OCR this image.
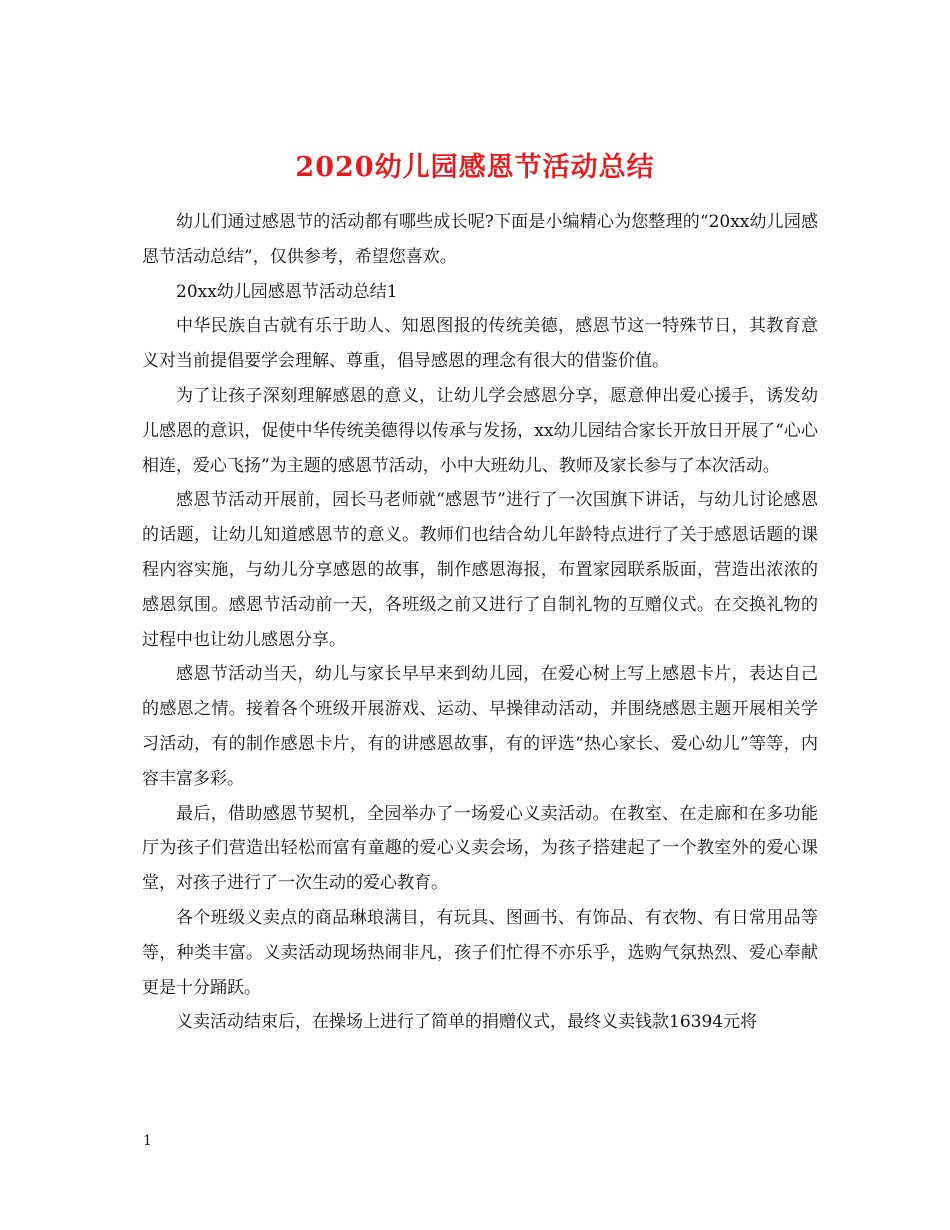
2020幼儿园感恩节活动总结

幼儿们通过感恩节的活动都有哪些成长呢?下面是小编精心为您整理的“20xx幼儿园感恩节活动总结”，仅供参考，希望您喜欢。

20xx幼儿园感恩节活动总结1

中华民族自古就有乐于助人、知恩图报的传统美德，感恩节这一特殊节日，其教育意义对当前提倡要学会理解、尊重，倡导感恩的理念有很大的借鉴价值。

为了让孩子深刻理解感恩的意义，让幼儿学会感恩分享，愿意伸出爱心援手，诱发幼儿感恩的意识，促使中华传统美德得以传承与发扬，xx幼儿园结合家长开放日开展了“心心相连，爱心飞扬”为主题的感恩节活动，小中大班幼儿、教师及家长参与了本次活动。

感恩节活动开展前，园长马老师就“感恩节”进行了一次国旗下讲话，与幼儿讨论感恩的话题，让幼儿知道感恩节的意义。教师们也结合幼儿年龄特点进行了关于感恩话题的课程内容实施，与幼儿分享感恩的故事，制作感恩海报，布置家园联系版面，营造出浓浓的感恩氛围。感恩节活动前一天，各班级之前又进行了自制礼物的互赠仪式。在交换礼物的过程中也让幼儿感恩分享。

感恩节活动当天，幼儿与家长早早来到幼儿园，在爱心树上写上感恩卡片，表达自己的感恩之情。接着各个班级开展游戏、运动、早操律动活动，并围绕感恩主题开展相关学习活动，有的制作感恩卡片，有的讲感恩故事，有的评选“热心家长、爱心幼儿”等等，内容丰富多彩。

最后，借助感恩节契机，全园举办了一场爱心义卖活动。在教室、在走廊和在多功能厅为孩子们营造出轻松而富有童趣的爱心义卖会场，为孩子搭建起了一个教室外的爱心课堂，对孩子进行了一次生动的爱心教育。

各个班级义卖点的商品琳琅满目，有玩具、图画书、有饰品、有衣物、有日常用品等等，种类丰富。义卖活动现场热闹非凡，孩子们忙得不亦乐乎，选购气氛热烈、爱心奉献更是十分踊跃。

义卖活动结束后，在操场上进行了简单的捐赠仪式，最终义卖钱款16394元将

1
